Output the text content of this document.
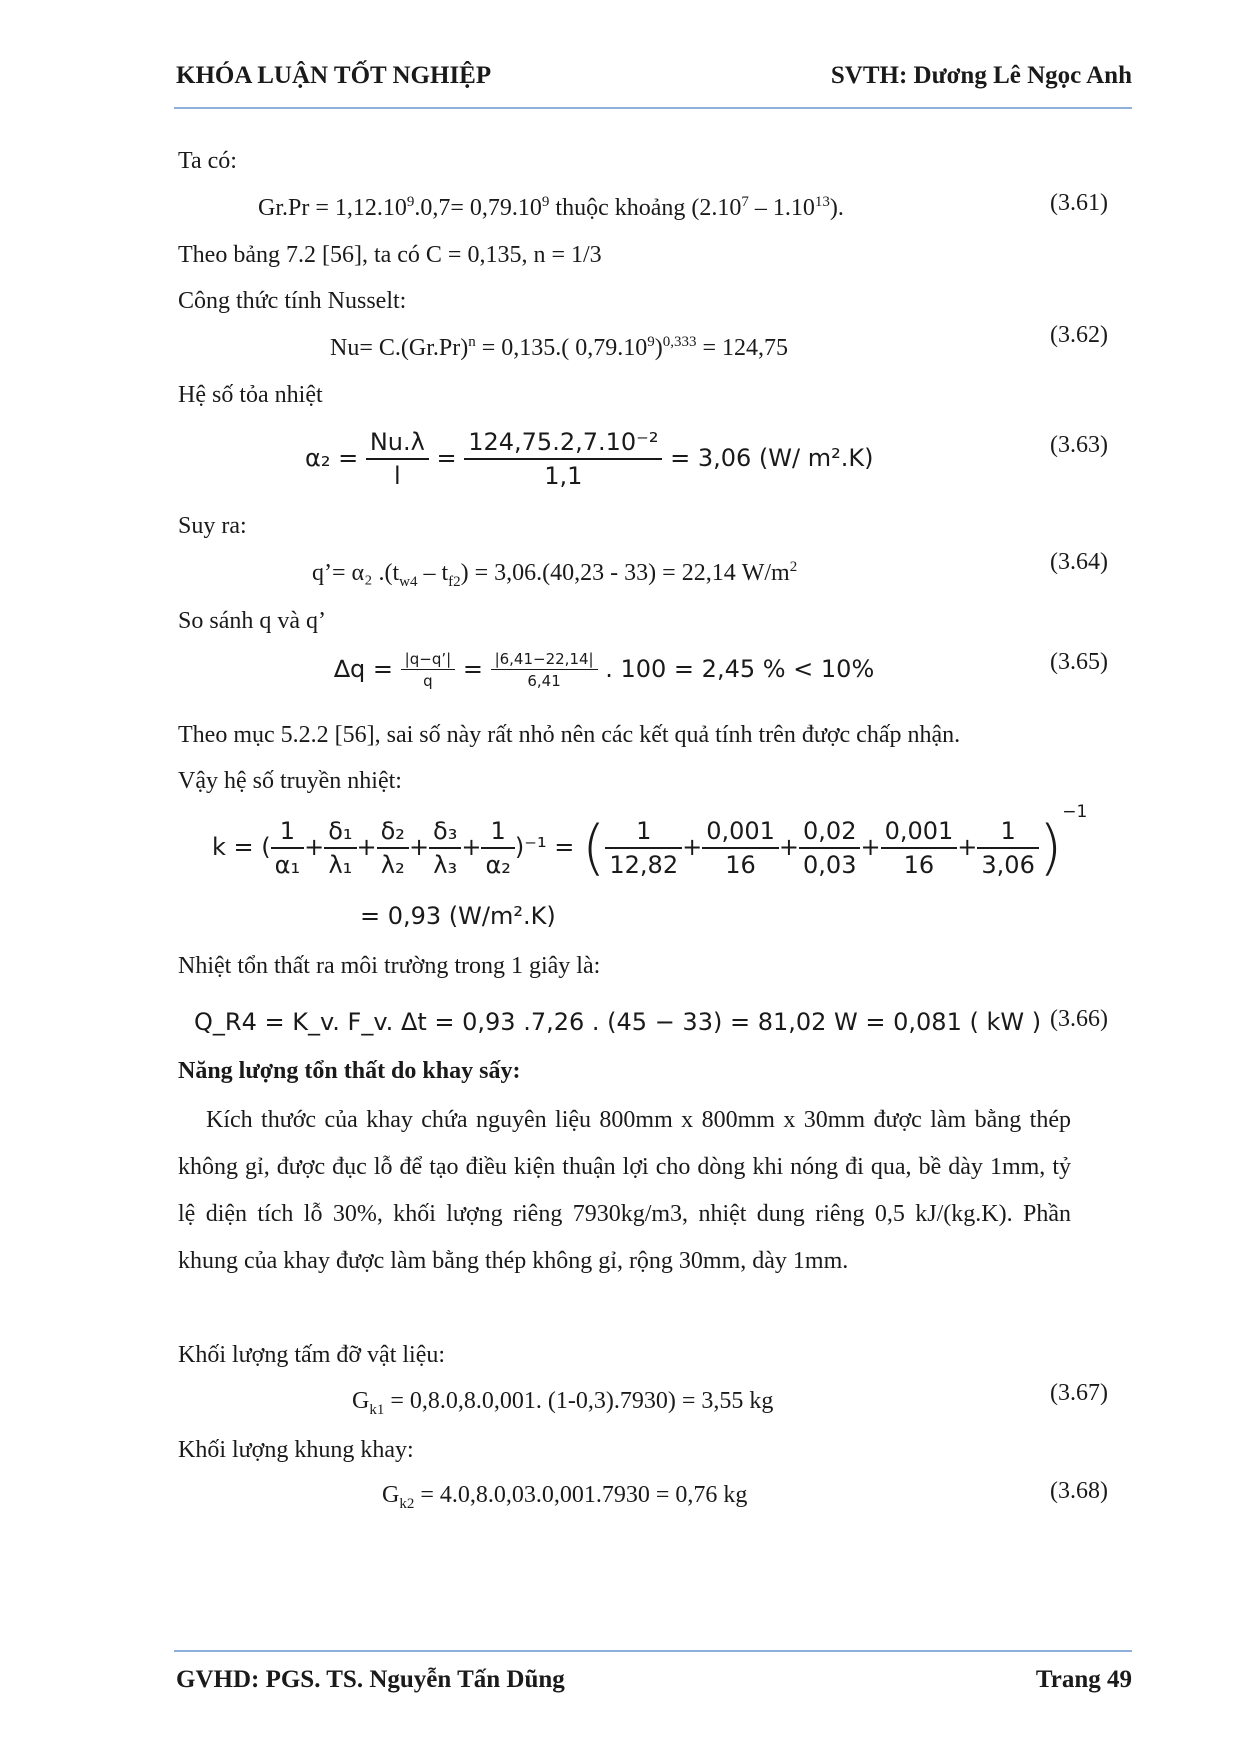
KHÓA LUẬN TỐT NGHIỆP	SVTH: Dương Lê Ngọc Anh
Ta có:
$Gr.Pr = 1,12.10^9.0,7= 0,79.10^9$ thuộc khoảng (2.10$^7$ – 1.10$^{13}$).	(3.61)
Theo bảng 7.2 [56], ta có C = 0,135, n = 1/3
Công thức tính Nusselt:
$Nu= C.(Gr.Pr)^n = 0,135$.( $0,79.10^9)^{0,333} = 124,75$	(3.62)
Hệ số tỏa nhiệt
$\alpha_2 = \frac{Nu.\lambda}{l} = \frac{\text{124,75.2,7.10⁻²}}{1,1} = 3,06$ (W/ m².K)	(3.63)
Suy ra:
q’= α₂ $.(t_{w4} - t_{f2}) = 3,06.(40,23 - 33) = 22,14$ $W/m^2$	(3.64)
So sánh q và q’
$\Delta q = \frac{|q-q’|}{q} = \frac{|6,41-22,14|}{6,41}$ . 100 = 2,45 % < 10%	(3.65)
Theo mục 5.2.2 [56], sai số này rất nhỏ nên các kết quả tính trên được chấp nhận.
Vậy hệ số truyền nhiệt:
k = ( $\frac{1}{\text{α₁}} + \frac{\text{δ₁}}{\text{λ₁}} + \frac{\text{δ₂}}{\text{λ₂}} + \frac{\text{δ₃}}{\text{λ₃}} + \frac{1}{\text{α₂}} )^{-1}$ = ( $\frac{1}{12,82} + \frac{0,001}{16} + \frac{0,02}{0,03} + \frac{0,001}{16} + \frac{1}{3,06} )^{-1}$
= 0,93 (W/m².K)
Nhiệt tổn thất ra môi trường trong 1 giây là:
Q_R4 = K_v. F_v. Δt = 0,93 .7,26 . (45 − 33) = 81,02 W = 0,081 ( kW ) (3.66)
Năng lượng tổn thất do khay sấy:
Kích thước của khay chứa nguyên liệu 800mm x 800mm x 30mm được làm bằng thép không gỉ, được đục lỗ để tạo điều kiện thuận lợi cho dòng khi nóng đi qua, bề dày 1mm, tỷ lệ diện tích lỗ 30%, khối lượng riêng 7930kg/m3, nhiệt dung riêng 0,5 kJ/(kg.K). Phần khung của khay được làm bằng thép không gỉ, rộng 30mm, dày 1mm.
Khối lượng tấm đỡ vật liệu:
$G_{k1} = 0,8.0,8.0,001$. (1-0,3).7930) = 3,55 kg	(3.67)
Khối lượng khung khay:
$G_{k2} = 4.0,8.0,03.0,001.7930 = 0,76$ kg	(3.68)
GVHD: PGS. TS. Nguyễn Tấn Dũng	Trang 49
